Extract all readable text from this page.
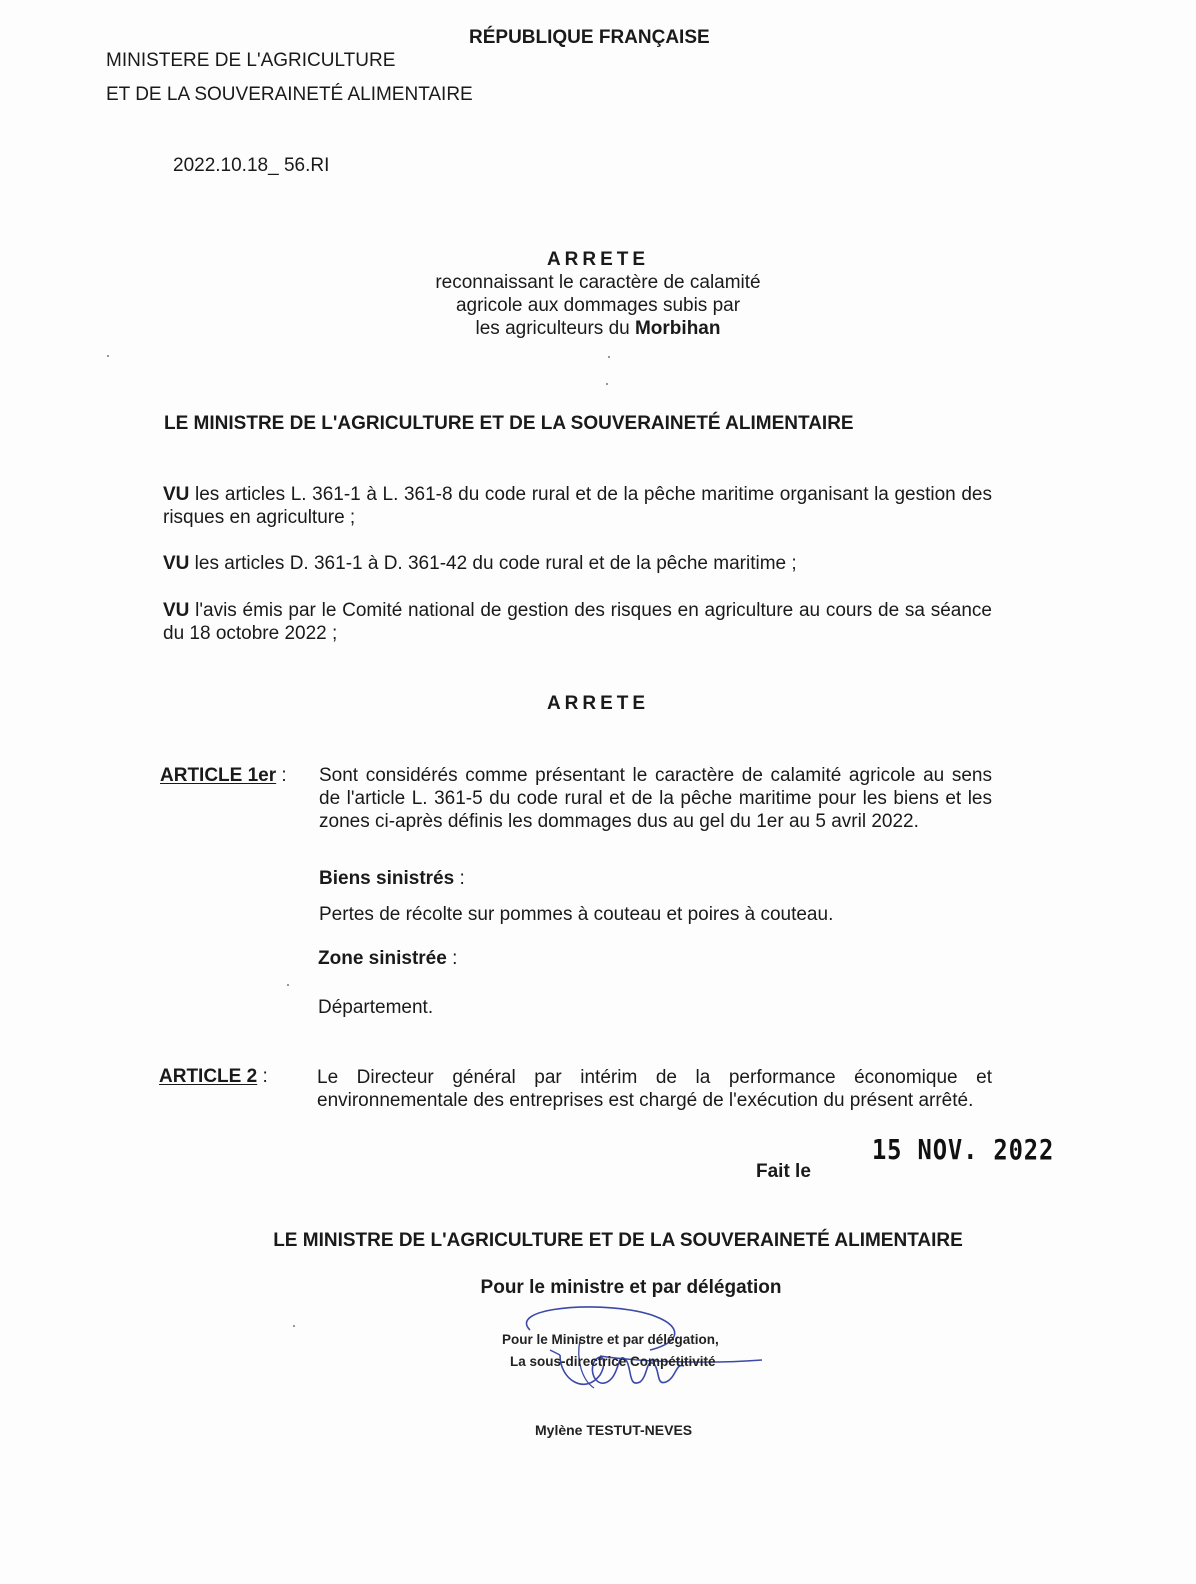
RÉPUBLIQUE FRANÇAISE
MINISTERE DE L'AGRICULTURE
ET DE LA SOUVERAINETÉ ALIMENTAIRE
2022.10.18_ 56.RI
ARRETE
reconnaissant le caractère de calamité
agricole aux dommages subis par
les agriculteurs du Morbihan
LE MINISTRE DE L'AGRICULTURE ET DE LA SOUVERAINETÉ ALIMENTAIRE
VU les articles L. 361-1 à L. 361-8 du code rural et de la pêche maritime organisant la gestion des risques en agriculture ;
VU les articles D. 361-1 à D. 361-42 du code rural et de la pêche maritime ;
VU l'avis émis par le Comité national de gestion des risques en agriculture au cours de sa séance du 18 octobre 2022 ;
ARRETE
ARTICLE 1er : Sont considérés comme présentant le caractère de calamité agricole au sens de l'article L. 361-5 du code rural et de la pêche maritime pour les biens et les zones ci-après définis les dommages dus au gel du 1er au 5 avril 2022.
Biens sinistrés :
Pertes de récolte sur pommes à couteau et poires à couteau.
Zone sinistrée :
Département.
ARTICLE 2 :	Le Directeur général par intérim de la performance économique et environnementale des entreprises est chargé de l'exécution du présent arrêté.
Fait le
15 NOV. 2022
LE MINISTRE DE L'AGRICULTURE ET DE LA SOUVERAINETÉ ALIMENTAIRE
Pour le ministre et par délégation
Pour le Ministre et par délégation,
La sous-directrice Compétitivité
Mylène TESTUT-NEVES
